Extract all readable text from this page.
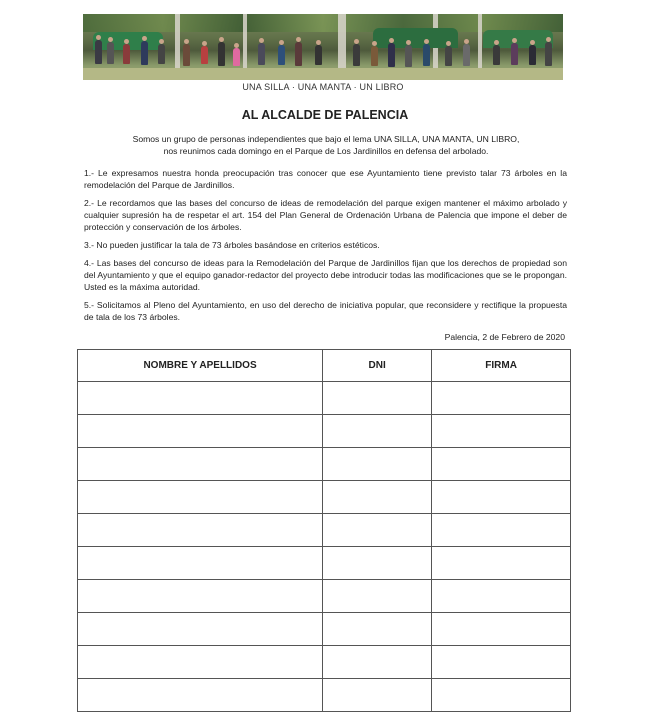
UNA SILLA · UNA MANTA · UN LIBRO
AL ALCALDE DE PALENCIA
Somos un grupo de personas independientes que bajo el lema UNA SILLA, UNA MANTA, UN LIBRO,
nos reunimos cada domingo en el Parque de Los Jardinillos en defensa del arbolado.

1.- Le expresamos nuestra honda preocupación tras conocer que ese Ayuntamiento tiene previsto talar 73 árboles en la remodelación del Parque de Jardinillos.

2.- Le recordamos que las bases del concurso de ideas de remodelación del parque exigen mantener el máximo arbolado y cualquier supresión ha de respetar el art. 154 del Plan General de Ordenación Urbana de Palencia que impone el deber de protección y conservación de los árboles.

3.- No pueden justificar la tala de 73 árboles basándose en criterios estéticos.

4.- Las bases del concurso de ideas para la Remodelación del Parque de Jardinillos fijan que los derechos de propiedad son del Ayuntamiento y que el equipo ganador-redactor del proyecto debe introducir todas las modificaciones que se le propongan. Usted es la máxima autoridad.

5.- Solicitamos al Pleno del Ayuntamiento, en uso del derecho de iniciativa popular, que reconsidere y rectifique la propuesta de tala de los 73 árboles.

Palencia, 2 de Febrero de 2020
NOMBRE Y APELLIDOS	DNI	FIRMA
